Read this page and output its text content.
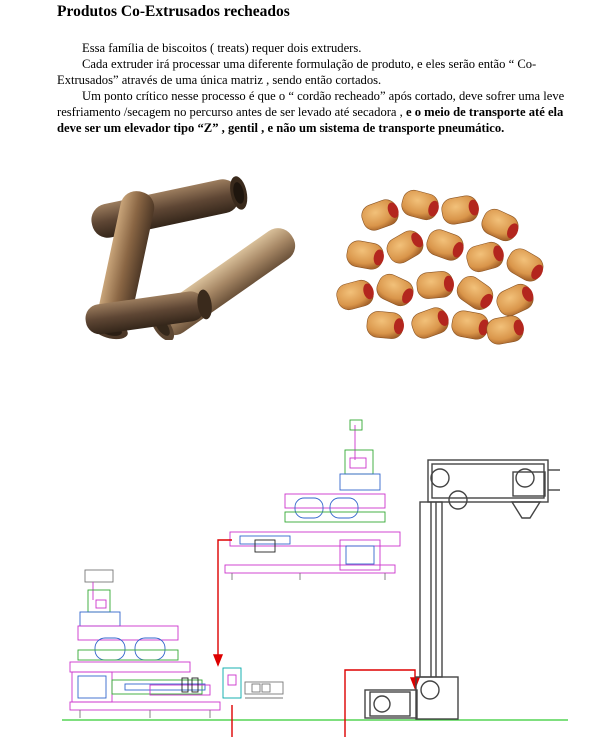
Produtos Co-Extrusados recheados

Essa família de biscoitos ( treats) requer dois extruders.

Cada extruder irá processar uma diferente formulação de produto, e eles serão então “ Co-Extrusados” através de uma única matriz , sendo então cortados.

Um ponto crítico nesse processo é que o “ cordão recheado” após cortado, deve sofrer uma leve resfriamento /secagem no percurso antes de ser levado até secadora , e o meio de transporte até ela deve ser um elevador tipo “Z” , gentil , e não um sistema de transporte pneumático.
